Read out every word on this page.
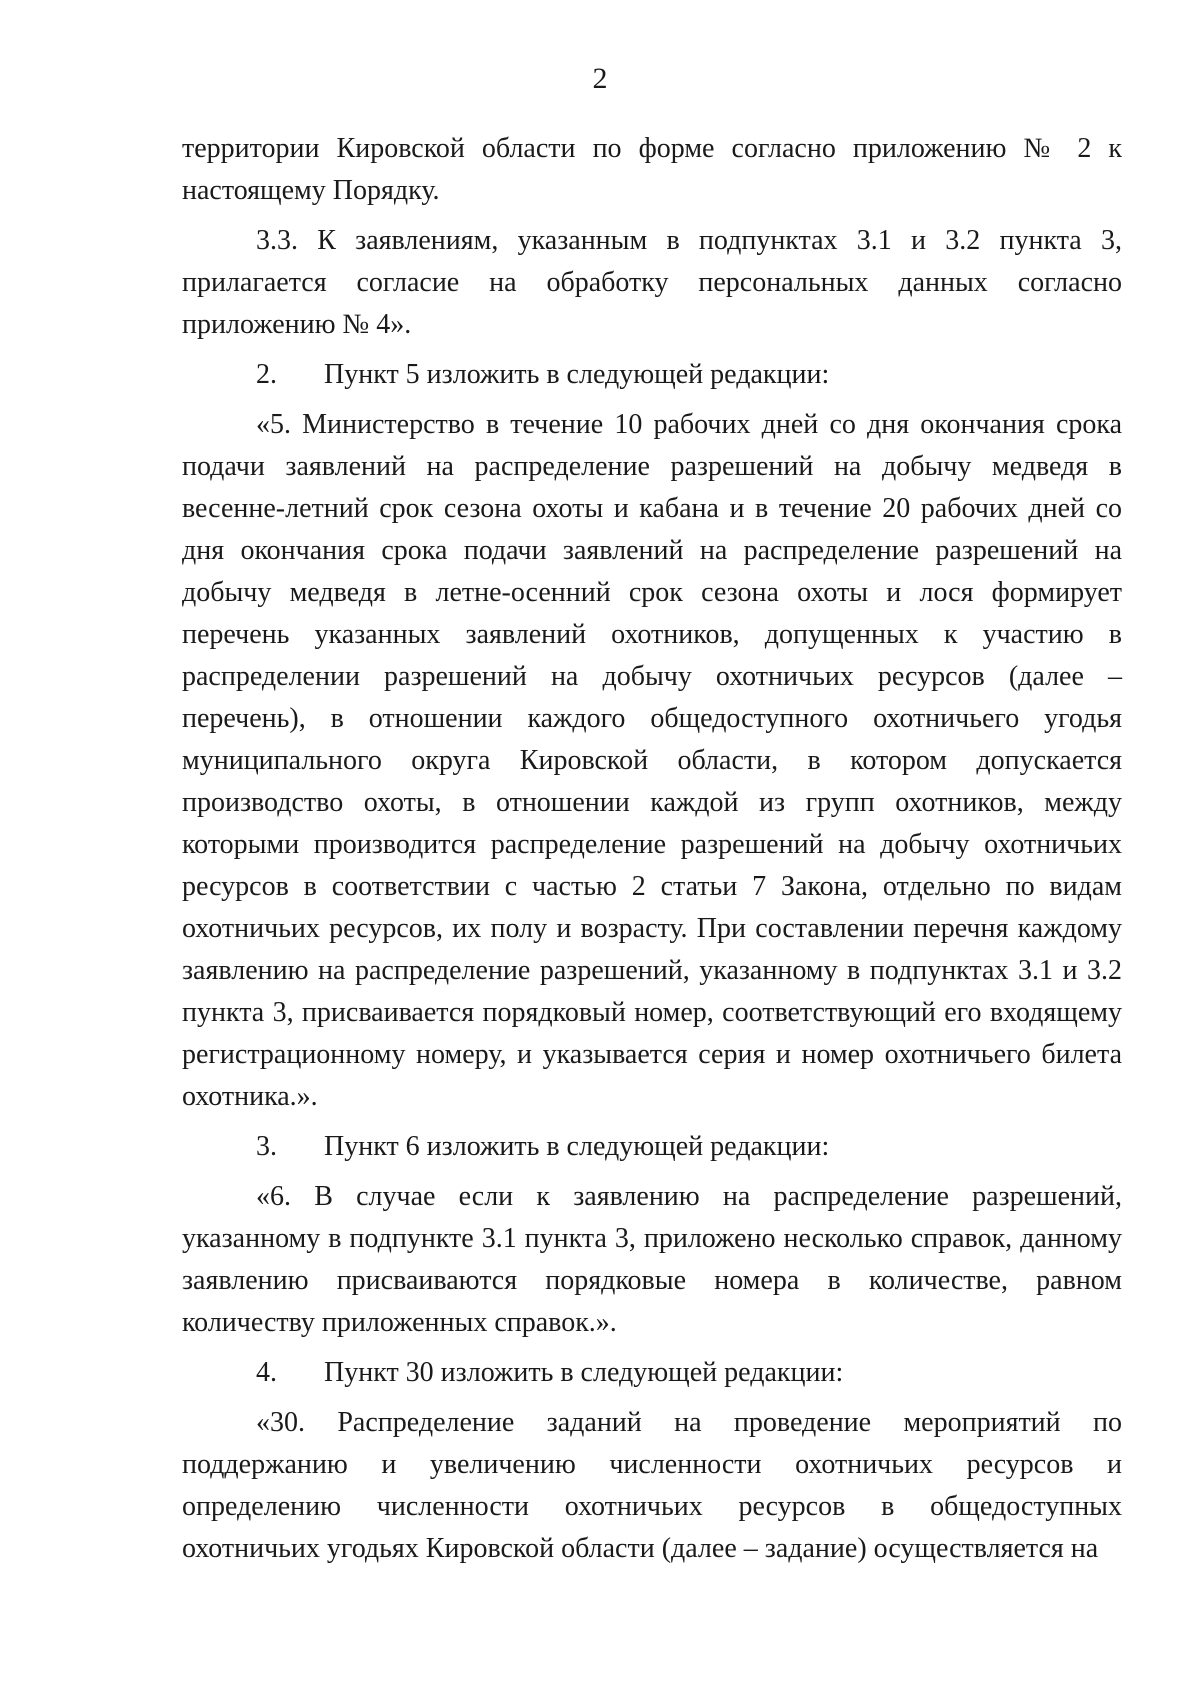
2

территории Кировской области по форме согласно приложению № 2 к настоящему Порядку.

3.3. К заявлениям, указанным в подпунктах 3.1 и 3.2 пункта 3, прилагается согласие на обработку персональных данных согласно приложению № 4».

2.	Пункт 5 изложить в следующей редакции:

«5. Министерство в течение 10 рабочих дней со дня окончания срока подачи заявлений на распределение разрешений на добычу медведя в весенне-летний срок сезона охоты и кабана и в течение 20 рабочих дней со дня окончания срока подачи заявлений на распределение разрешений на добычу медведя в летне-осенний срок сезона охоты и лося формирует перечень указанных заявлений охотников, допущенных к участию в распределении разрешений на добычу охотничьих ресурсов (далее – перечень), в отношении каждого общедоступного охотничьего угодья муниципального округа Кировской области, в котором допускается производство охоты, в отношении каждой из групп охотников, между которыми производится распределение разрешений на добычу охотничьих ресурсов в соответствии с частью 2 статьи 7 Закона, отдельно по видам охотничьих ресурсов, их полу и возрасту. При составлении перечня каждому заявлению на распределение разрешений, указанному в подпунктах 3.1 и 3.2 пункта 3, присваивается порядковый номер, соответствующий его входящему регистрационному номеру, и указывается серия и номер охотничьего билета охотника.».

3.	Пункт 6 изложить в следующей редакции:

«6. В случае если к заявлению на распределение разрешений, указанному в подпункте 3.1 пункта 3, приложено несколько справок, данному заявлению присваиваются порядковые номера в количестве, равном количеству приложенных справок.».

4.	Пункт 30 изложить в следующей редакции:

«30. Распределение заданий на проведение мероприятий по поддержанию и увеличению численности охотничьих ресурсов и определению численности охотничьих ресурсов в общедоступных охотничьих угодьях Кировской области (далее – задание) осуществляется на
